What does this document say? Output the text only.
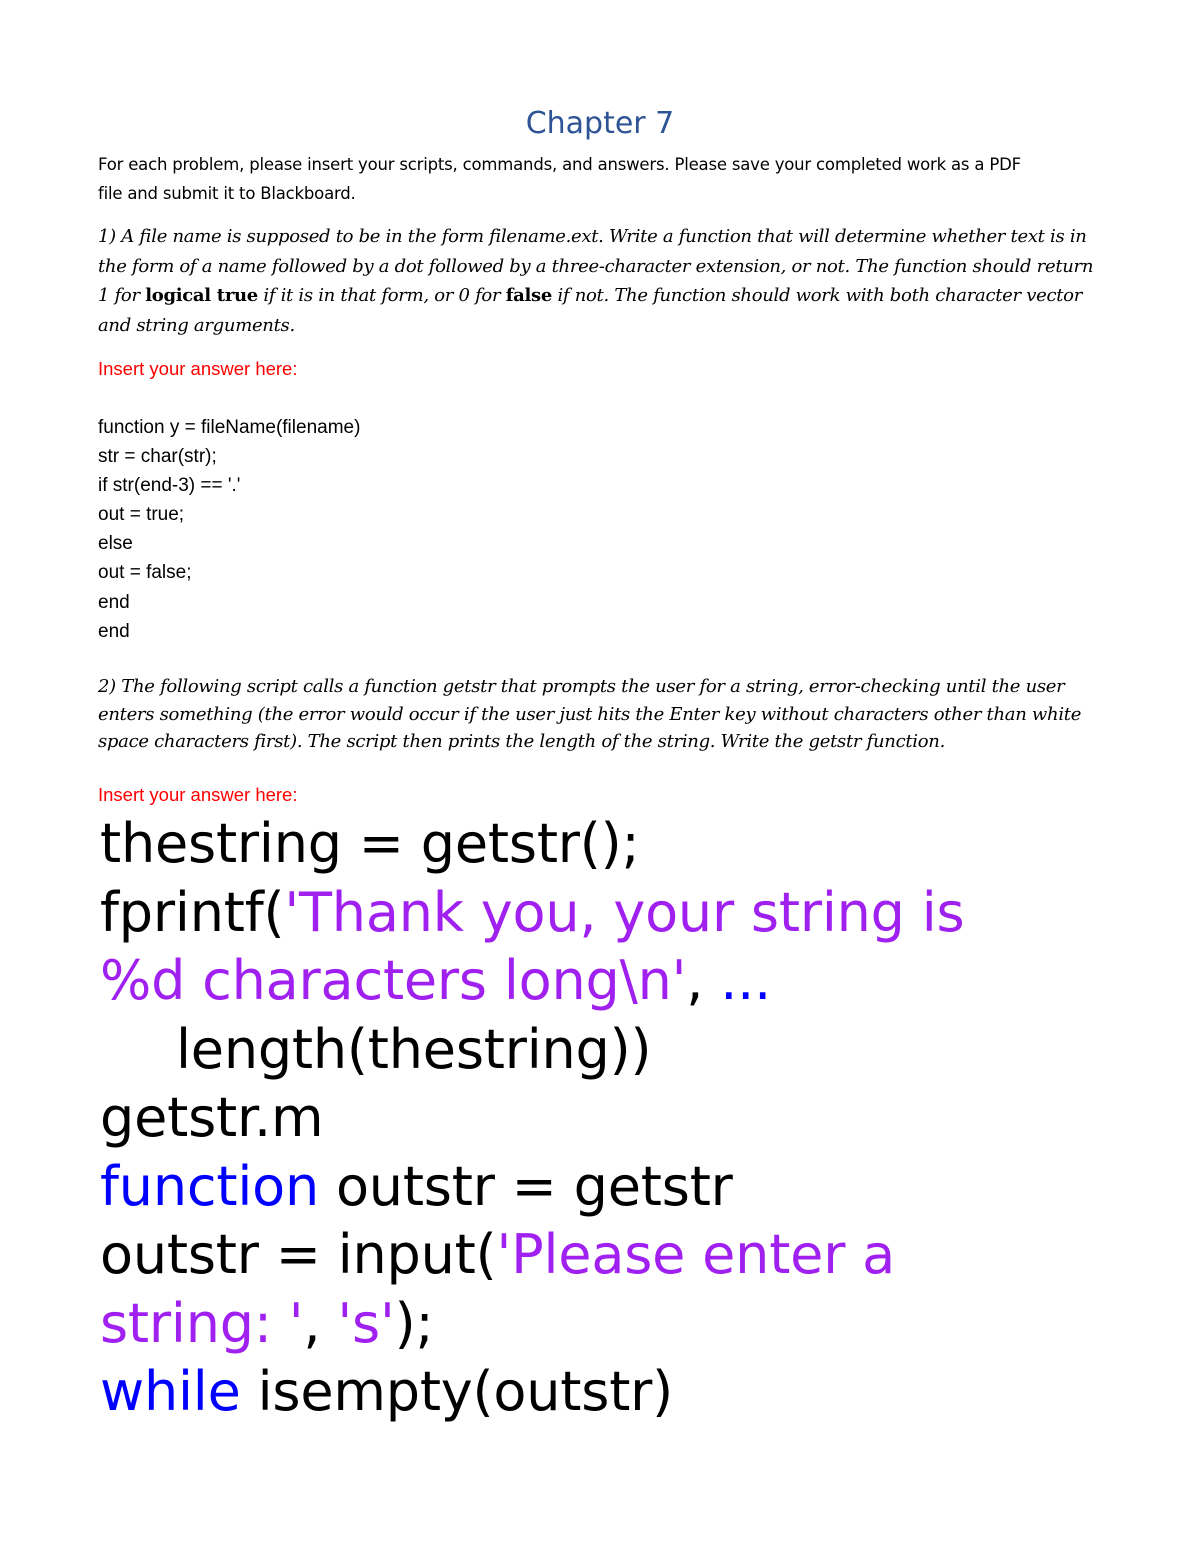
Chapter 7
For each problem, please insert your scripts, commands, and answers. Please save your completed work as a PDF
file and submit it to Blackboard.
1) A file name is supposed to be in the form filename.ext. Write a function that will determine whether text is in the form of a name followed by a dot followed by a three-character extension, or not. The function should return 1 for logical true if it is in that form, or 0 for false if not. The function should work with both character vector and string arguments.
Insert your answer here:
function y = fileName(filename)
str = char(str);
if str(end-3) == '.'
out = true;
else
out = false;
end
end
2) The following script calls a function getstr that prompts the user for a string, error-checking until the user enters something (the error would occur if the user just hits the Enter key without characters other than white space characters first). The script then prints the length of the string. Write the getstr function.
Insert your answer here:
thestring = getstr();
fprintf('Thank you, your string is
%d characters long\n', ...
length(thestring))
getstr.m
function outstr = getstr
outstr = input('Please enter a
string: ', 's');
while isempty(outstr)
